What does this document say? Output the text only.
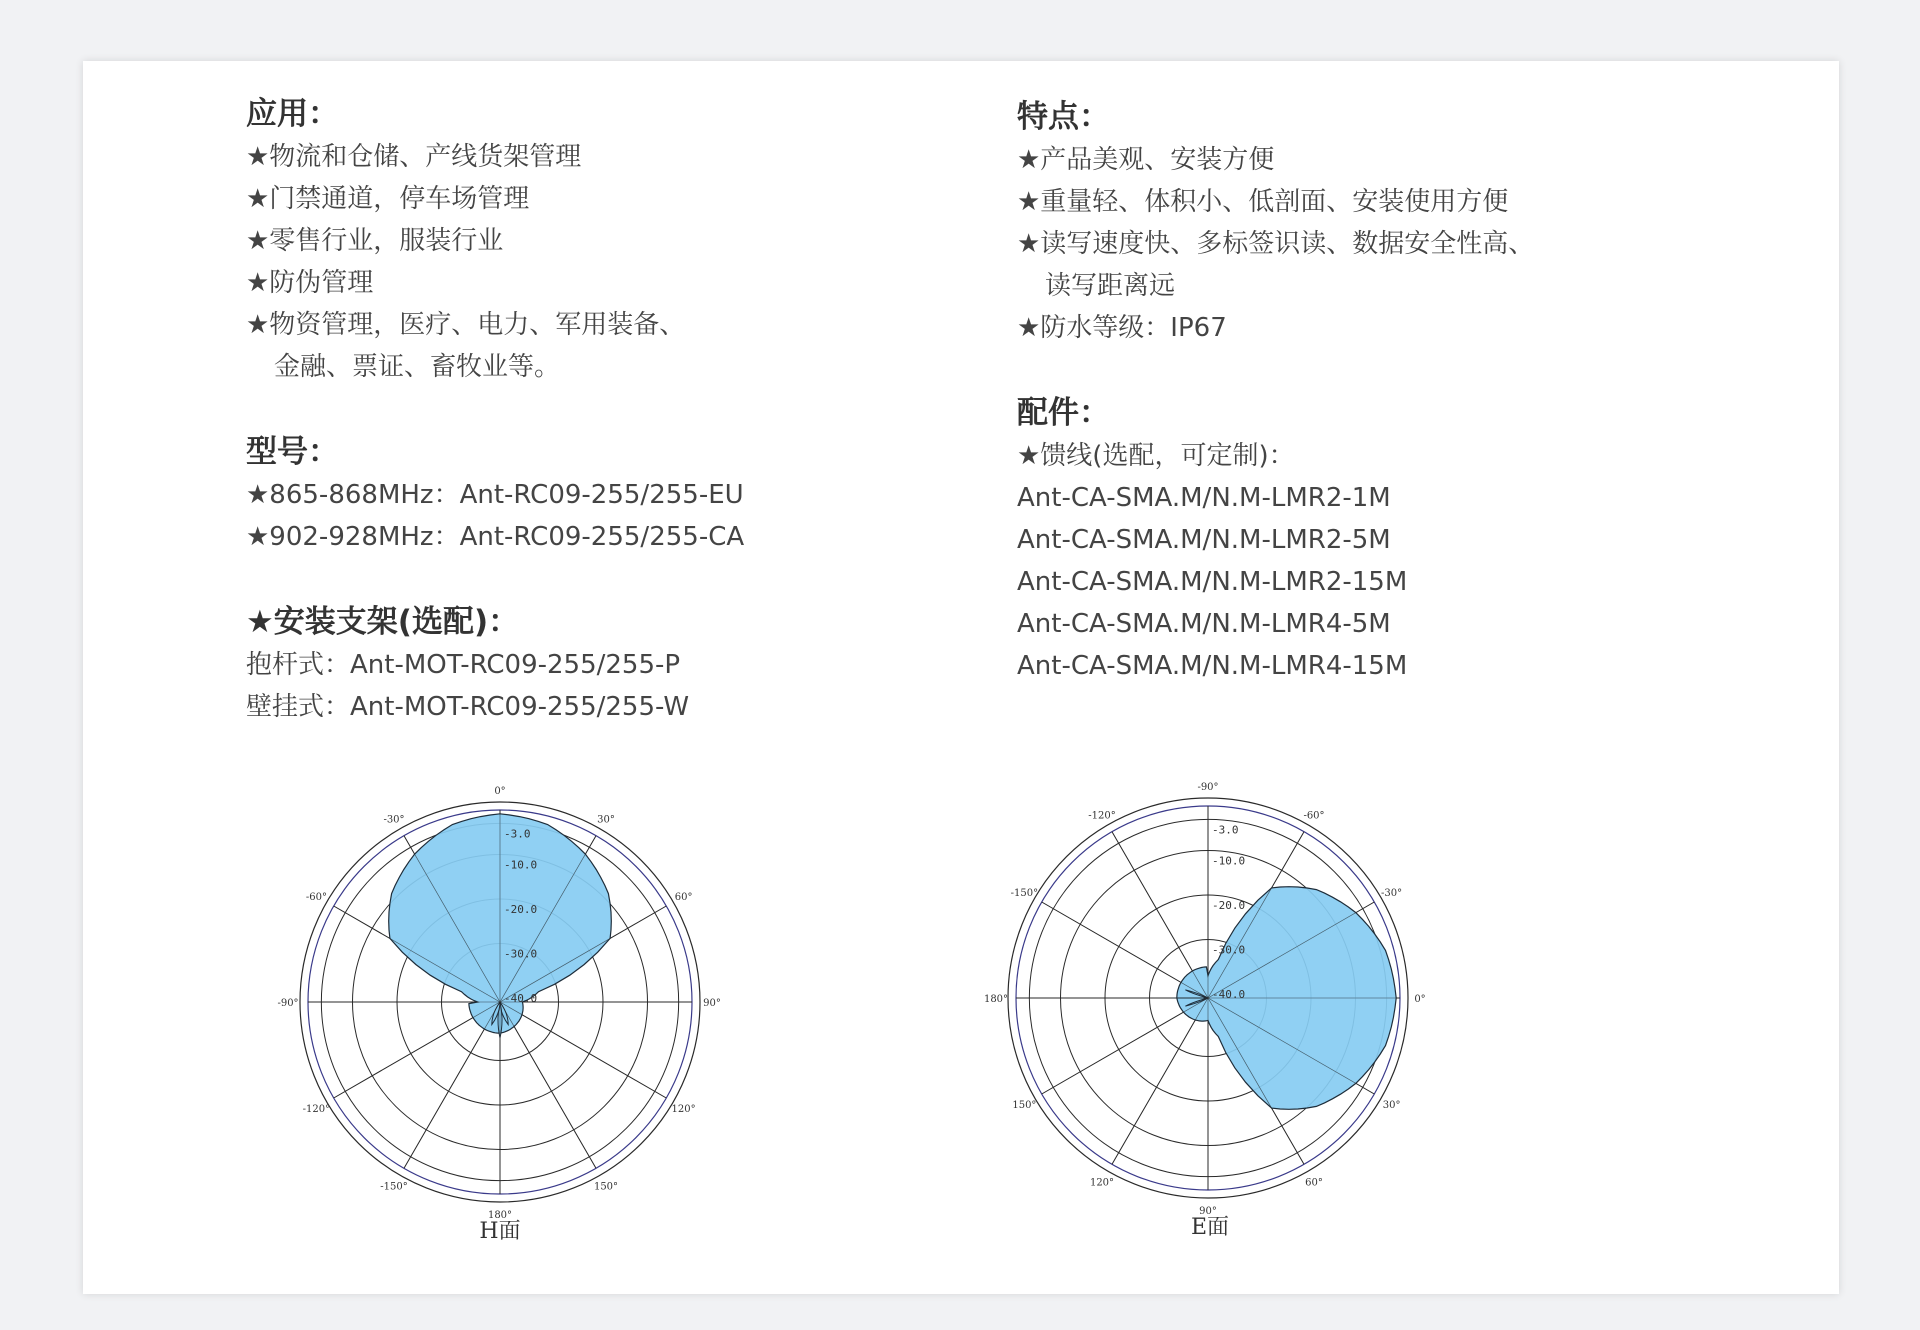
应用：
★物流和仓储、产线货架管理
★门禁通道，停车场管理
★零售行业，服装行业
★防伪管理
★物资管理，医疗、电力、军用装备、
金融、票证、畜牧业等。
型号：
★865-868MHz：Ant-RC09-255/255-EU
★902-928MHz：Ant-RC09-255/255-CA
★安装支架(选配)：
抱杆式：Ant-MOT-RC09-255/255-P
壁挂式：Ant-MOT-RC09-255/255-W
特点：
★产品美观、安装方便
★重量轻、体积小、低剖面、安装使用方便
★读写速度快、多标签识读、数据安全性高、
读写距离远
★防水等级：IP67
配件：
★馈线(选配，可定制)：
Ant-CA-SMA.M/N.M-LMR2-1M
Ant-CA-SMA.M/N.M-LMR2-5M
Ant-CA-SMA.M/N.M-LMR2-15M
Ant-CA-SMA.M/N.M-LMR4-5M
Ant-CA-SMA.M/N.M-LMR4-15M
0°
30°
60°
90°
120°
150°
180°
-150°
-120°
-90°
-60°
-30°
-3.0
-10.0
-20.0
-30.0
-40.0
H面
-90°
-60°
-30°
0°
30°
60°
90°
120°
150°
180°
-150°
-120°
-3.0
-10.0
-20.0
-30.0
-40.0
E面
